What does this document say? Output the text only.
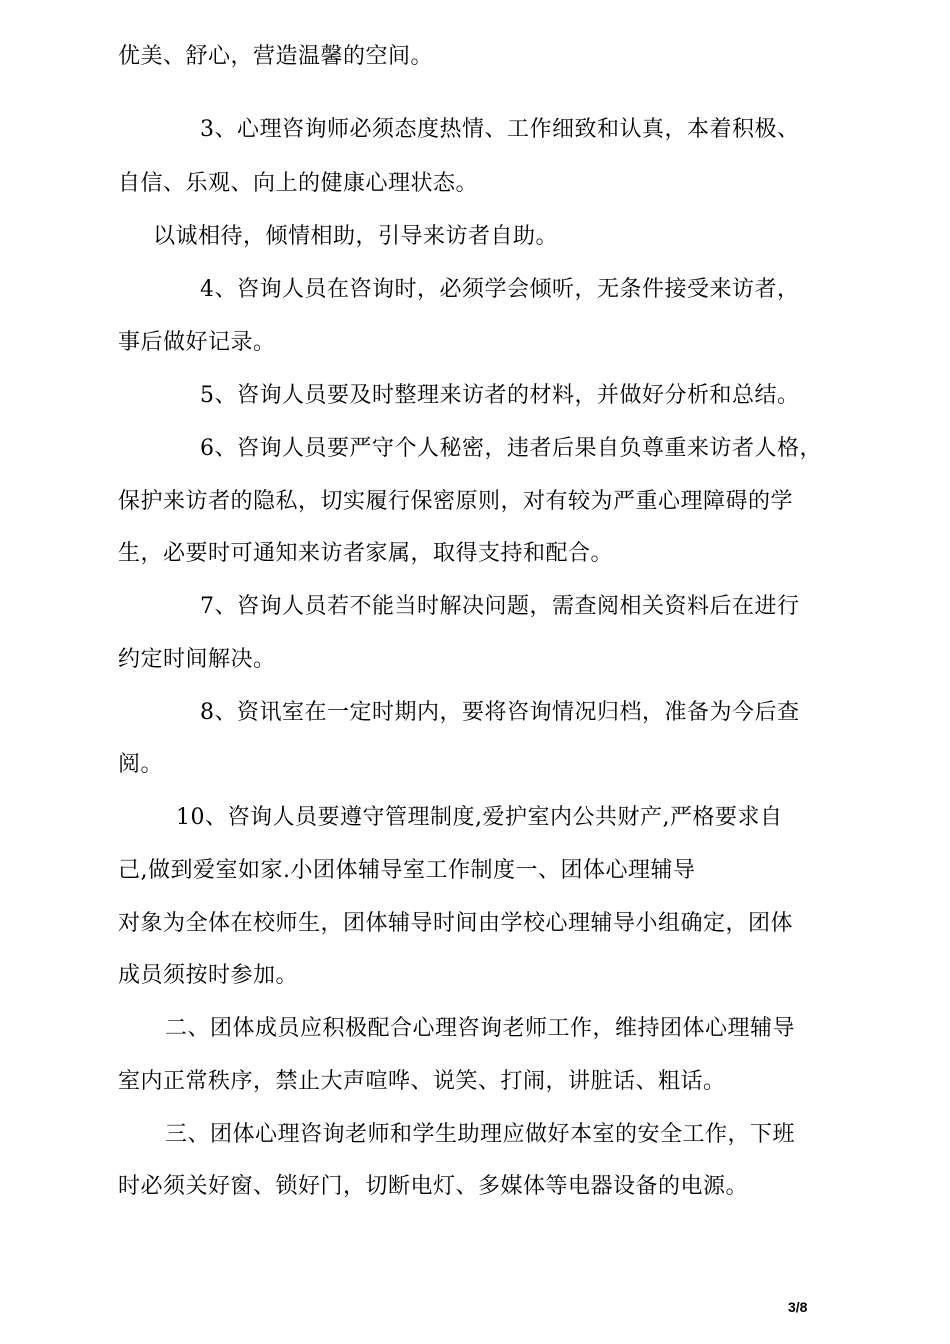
优美、舒心，营造温馨的空间。
3、心理咨询师必须态度热情、工作细致和认真，本着积极、
自信、乐观、向上的健康心理状态。
以诚相待，倾情相助，引导来访者自助。
4、咨询人员在咨询时，必须学会倾听，无条件接受来访者，
事后做好记录。
5、咨询人员要及时整理来访者的材料，并做好分析和总结。
6、咨询人员要严守个人秘密，违者后果自负尊重来访者人格，
保护来访者的隐私，切实履行保密原则，对有较为严重心理障碍的学
生，必要时可通知来访者家属，取得支持和配合。
7、咨询人员若不能当时解决问题，需查阅相关资料后在进行
约定时间解决。
8、资讯室在一定时期内，要将咨询情况归档，准备为今后查
阅。
10、咨询人员要遵守管理制度,爱护室内公共财产,严格要求自
己,做到爱室如家.小团体辅导室工作制度一、团体心理辅导
对象为全体在校师生，团体辅导时间由学校心理辅导小组确定，团体
成员须按时参加。
二、团体成员应积极配合心理咨询老师工作，维持团体心理辅导
室内正常秩序，禁止大声喧哗、说笑、打闹，讲脏话、粗话。
三、团体心理咨询老师和学生助理应做好本室的安全工作，下班
时必须关好窗、锁好门，切断电灯、多媒体等电器设备的电源。
3/8
